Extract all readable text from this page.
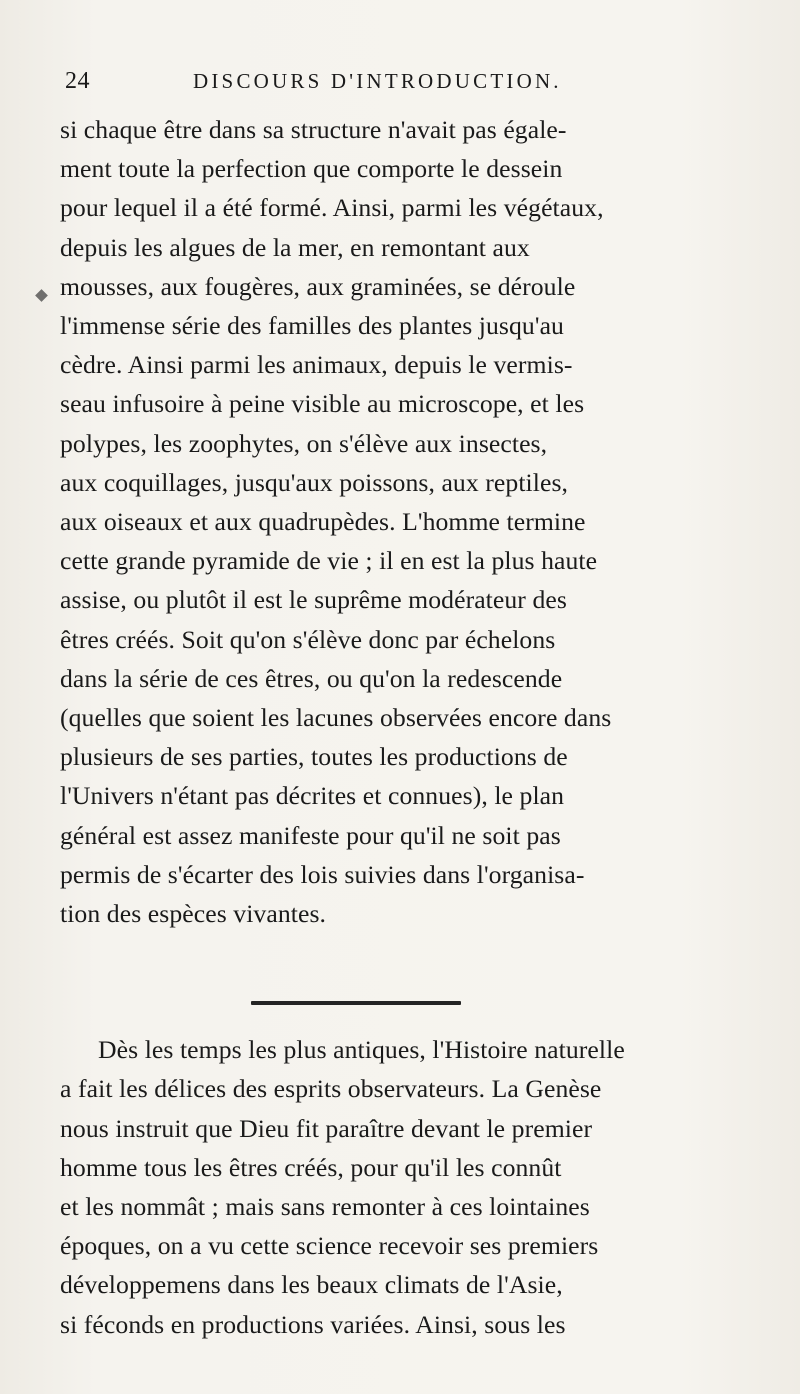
24	DISCOURS D'INTRODUCTION.

si chaque être dans sa structure n'avait pas égale-

ment toute la perfection que comporte le dessein

pour lequel il a été formé. Ainsi, parmi les végétaux,

depuis les algues de la mer, en remontant aux

mousses, aux fougères, aux graminées, se déroule

l'immense série des familles des plantes jusqu'au

cèdre. Ainsi parmi les animaux, depuis le vermis-

seau infusoire à peine visible au microscope, et les

polypes, les zoophytes, on s'élève aux insectes,

aux coquillages, jusqu'aux poissons, aux reptiles,

aux oiseaux et aux quadrupèdes. L'homme termine

cette grande pyramide de vie ; il en est la plus haute

assise, ou plutôt il est le suprême modérateur des

êtres créés. Soit qu'on s'élève donc par échelons

dans la série de ces êtres, ou qu'on la redescende

(quelles que soient les lacunes observées encore dans

plusieurs de ses parties, toutes les productions de

l'Univers n'étant pas décrites et connues), le plan

général est assez manifeste pour qu'il ne soit pas

permis de s'écarter des lois suivies dans l'organisa-

tion des espèces vivantes.

Dès les temps les plus antiques, l'Histoire naturelle

a fait les délices des esprits observateurs. La Genèse

nous instruit que Dieu fit paraître devant le premier

homme tous les êtres créés, pour qu'il les connût

et les nommât ; mais sans remonter à ces lointaines

époques, on a vu cette science recevoir ses premiers

développemens dans les beaux climats de l'Asie,

si féconds en productions variées. Ainsi, sous les
